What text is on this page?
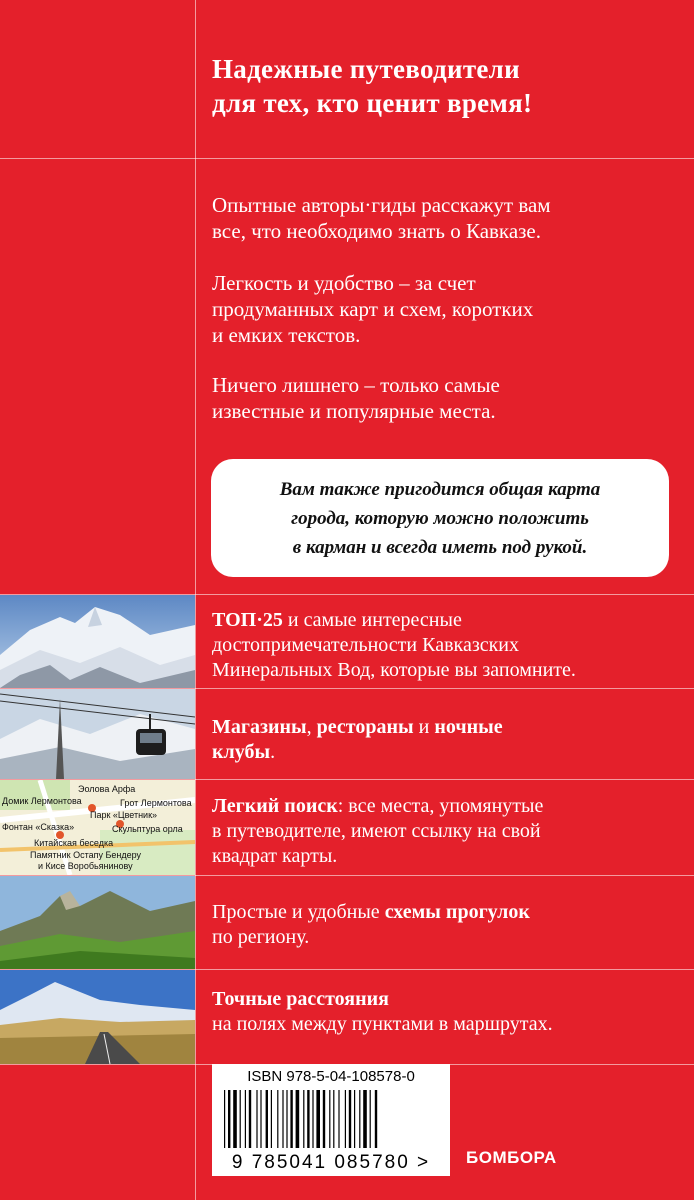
Надежные путеводители
для тех, кто ценит время!
Опытные авторы·гиды расскажут вам
все, что необходимо знать о Кавказе.
Легкость и удобство – за счет
продуманных карт и схем, коротких
и емких текстов.
Ничего лишнего – только самые
известные и популярные места.
Вам также пригодится общая карта
города, которую можно положить
в карман и всегда иметь под рукой.
Эолова Арфа
Домик Лермонтова	Грот Лермонтова
Парк «Цветник»
Фонтан «Сказка»	Скульптура орла
Китайская беседка
Памятник Остапу Бендеру
и Кисе Воробьянинову
ТОП·25 и самые интересные
достопримечательности Кавказских
Минеральных Вод, которые вы запомните.
Магазины, рестораны и ночные
клубы.
Легкий поиск: все места, упомянутые
в путеводителе, имеют ссылку на свой
квадрат карты.
Простые и удобные схемы прогулок
по региону.
Точные расстояния
на полях между пунктами в маршрутах.
ISBN 978-5-04-108578-0
9 785041 085780 >	БОМБОРА
